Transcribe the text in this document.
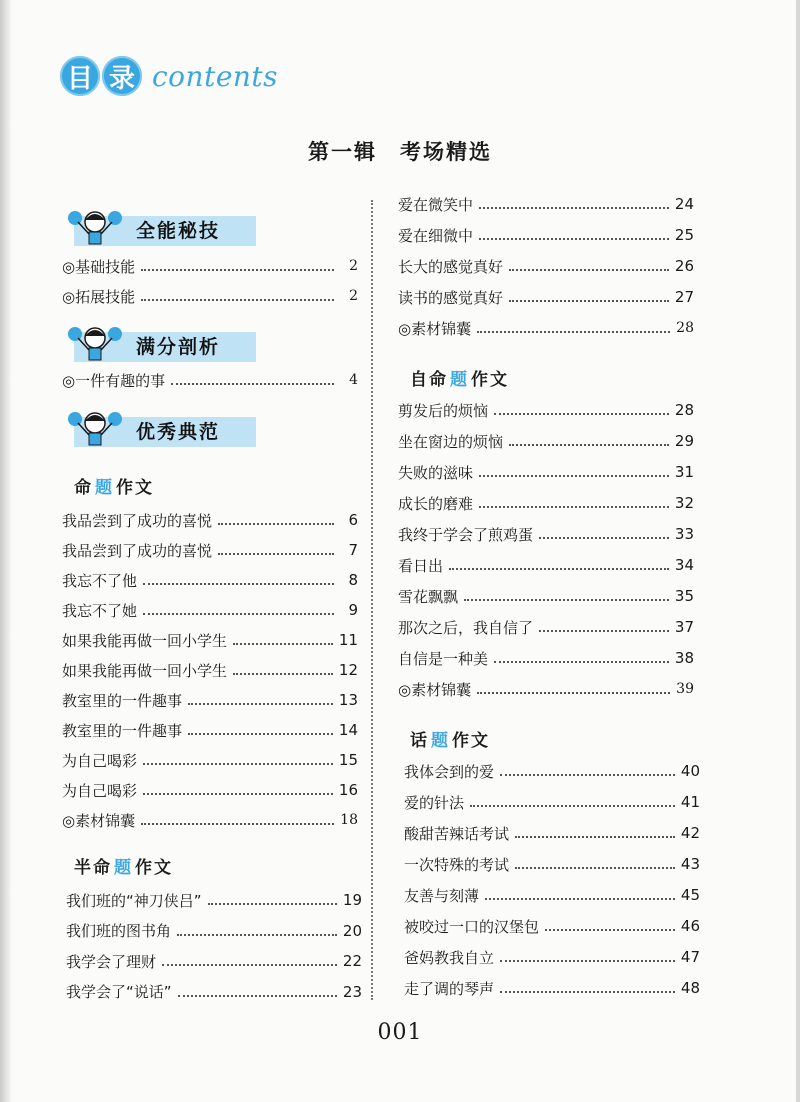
目 录 contents
第一辑　考场精选
全能秘技
满分剖析
优秀典范
◎基础技能	2
◎拓展技能	2
◎一件有趣的事	4
命 题 作文
我品尝到了成功的喜悦	6
我品尝到了成功的喜悦	7
我忘不了他	8
我忘不了她	9
如果我能再做一回小学生	11
如果我能再做一回小学生	12
教室里的一件趣事	13
教室里的一件趣事	14
为自己喝彩	15
为自己喝彩	16
◎素材锦囊	18
半命 题 作文
我们班的“神刀侠吕”	19
我们班的图书角	20
我学会了理财	22
我学会了“说话”	23
爱在微笑中	24
爱在细微中	25
长大的感觉真好	26
读书的感觉真好	27
◎素材锦囊	28
自命 题 作文
剪发后的烦恼	28
坐在窗边的烦恼	29
失败的滋味	31
成长的磨难	32
我终于学会了煎鸡蛋	33
看日出	34
雪花飘飘	35
那次之后，我自信了	37
自信是一种美	38
◎素材锦囊	39
话 题 作文
我体会到的爱	40
爱的针法	41
酸甜苦辣话考试	42
一次特殊的考试	43
友善与刻薄	45
被咬过一口的汉堡包	46
爸妈教我自立	47
走了调的琴声	48
001
